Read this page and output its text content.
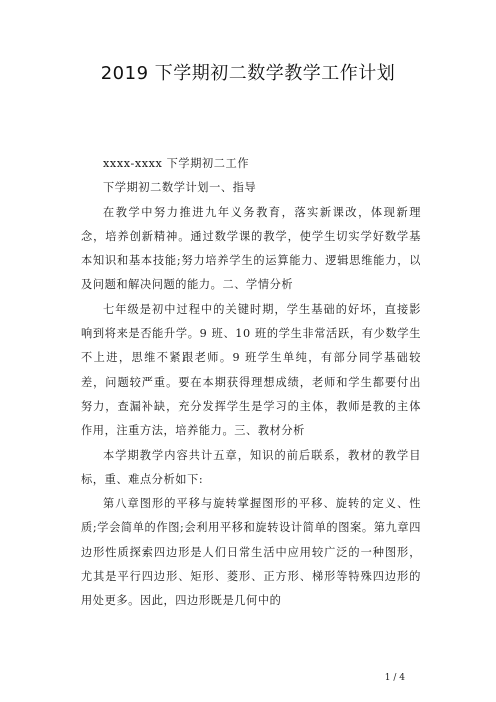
2019 下学期初二数学教学工作计划

xxxx-xxxx 下学期初二工作

下学期初二数学计划一、指导

在教学中努力推进九年义务教育，落实新课改，体现新理念，培养创新精神。通过数学课的教学，使学生切实学好数学基本知识和基本技能;努力培养学生的运算能力、逻辑思维能力，以及问题和解决问题的能力。二、学情分析

七年级是初中过程中的关键时期，学生基础的好坏，直接影响到将来是否能升学。9 班、10 班的学生非常活跃，有少数学生不上进，思维不紧跟老师。9 班学生单纯，有部分同学基础较差，问题较严重。要在本期获得理想成绩，老师和学生都要付出努力，查漏补缺，充分发挥学生是学习的主体，教师是教的主体作用，注重方法，培养能力。三、教材分析

本学期教学内容共计五章，知识的前后联系，教材的教学目标，重、难点分析如下:

第八章图形的平移与旋转掌握图形的平移、旋转的定义、性质;学会简单的作图;会利用平移和旋转设计简单的图案。第九章四边形性质探索四边形是人们日常生活中应用较广泛的一种图形，尤其是平行四边形、矩形、菱形、正方形、梯形等特殊四边形的用处更多。因此，四边形既是几何中的

1 / 4
